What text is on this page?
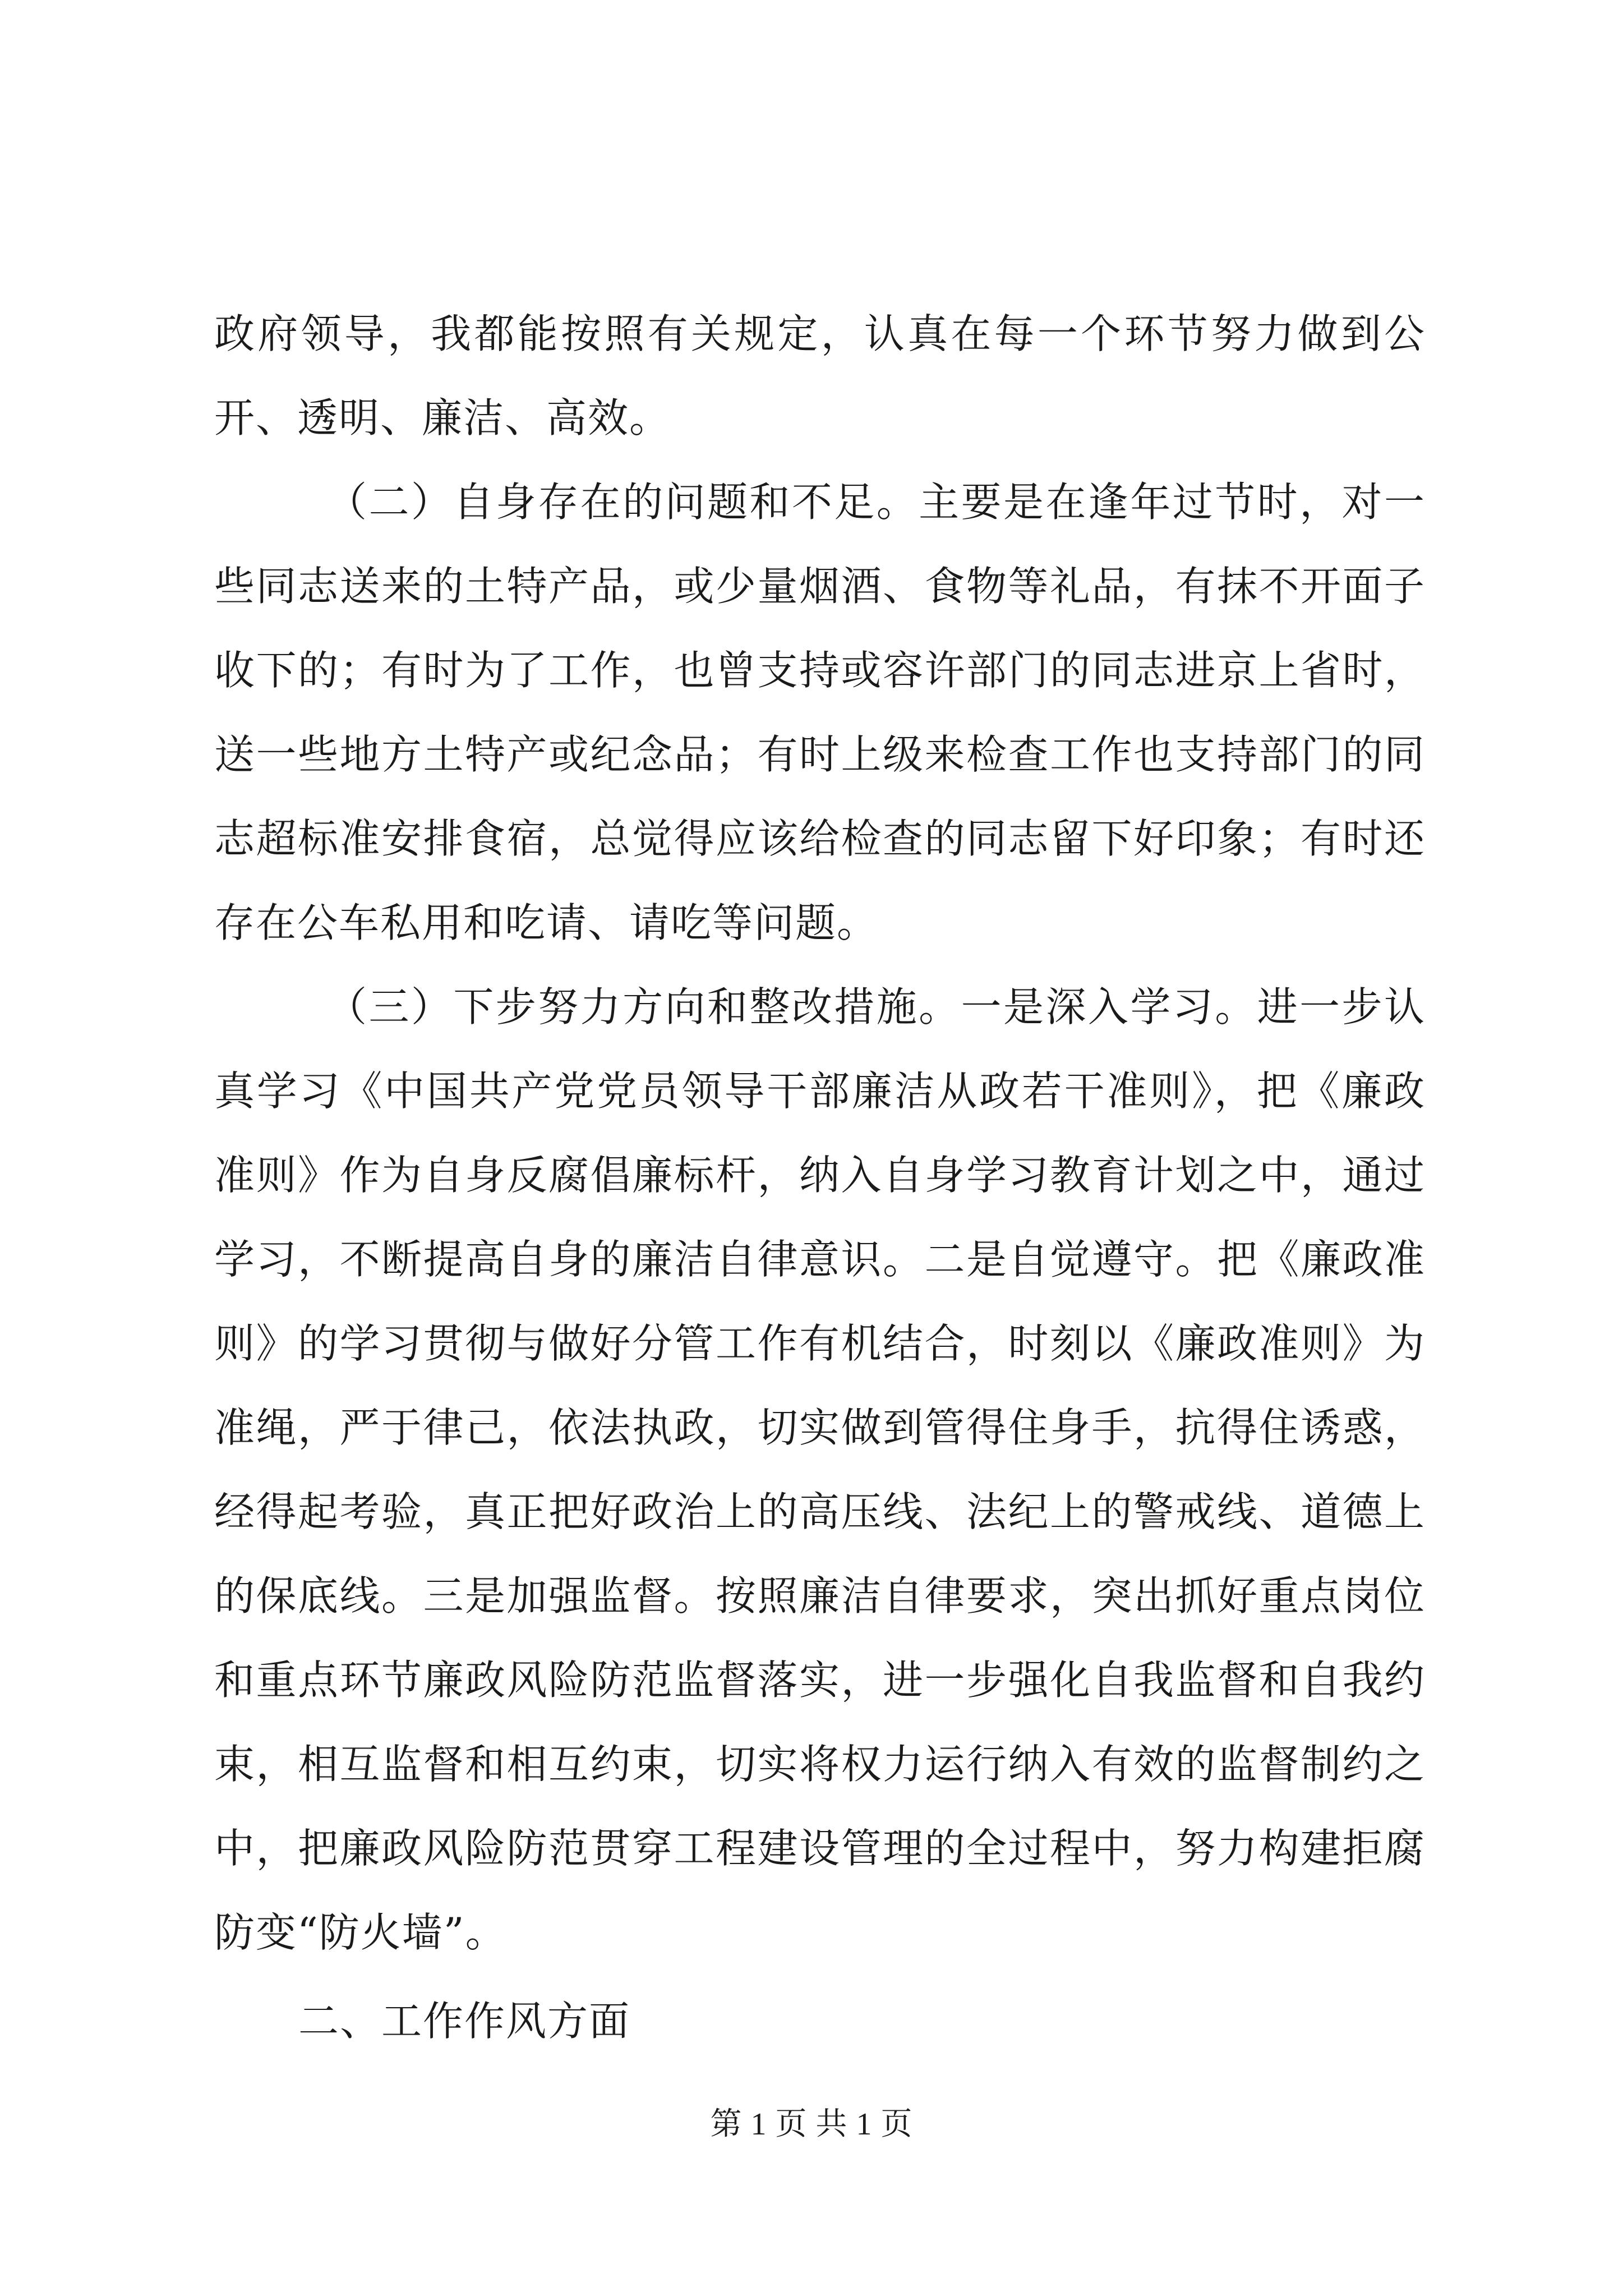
政府领导，我都能按照有关规定，认真在每一个环节努力做到公开、透明、廉洁、高效。

（二）自身存在的问题和不足。主要是在逢年过节时，对一些同志送来的土特产品，或少量烟酒、食物等礼品，有抹不开面子收下的；有时为了工作，也曾支持或容许部门的同志进京上省时，送一些地方土特产或纪念品；有时上级来检查工作也支持部门的同志超标准安排食宿，总觉得应该给检查的同志留下好印象；有时还存在公车私用和吃请、请吃等问题。

（三）下步努力方向和整改措施。一是深入学习。进一步认真学习《中国共产党党员领导干部廉洁从政若干准则》，把《廉政准则》作为自身反腐倡廉标杆，纳入自身学习教育计划之中，通过学习，不断提高自身的廉洁自律意识。二是自觉遵守。把《廉政准则》的学习贯彻与做好分管工作有机结合，时刻以《廉政准则》为准绳，严于律己，依法执政，切实做到管得住身手，抗得住诱惑，经得起考验，真正把好政治上的高压线、法纪上的警戒线、道德上的保底线。三是加强监督。按照廉洁自律要求，突出抓好重点岗位和重点环节廉政风险防范监督落实，进一步强化自我监督和自我约束，相互监督和相互约束，切实将权力运行纳入有效的监督制约之中，把廉政风险防范贯穿工程建设管理的全过程中，努力构建拒腐防变“防火墙”。

二、工作作风方面

第 1 页 共 1 页
